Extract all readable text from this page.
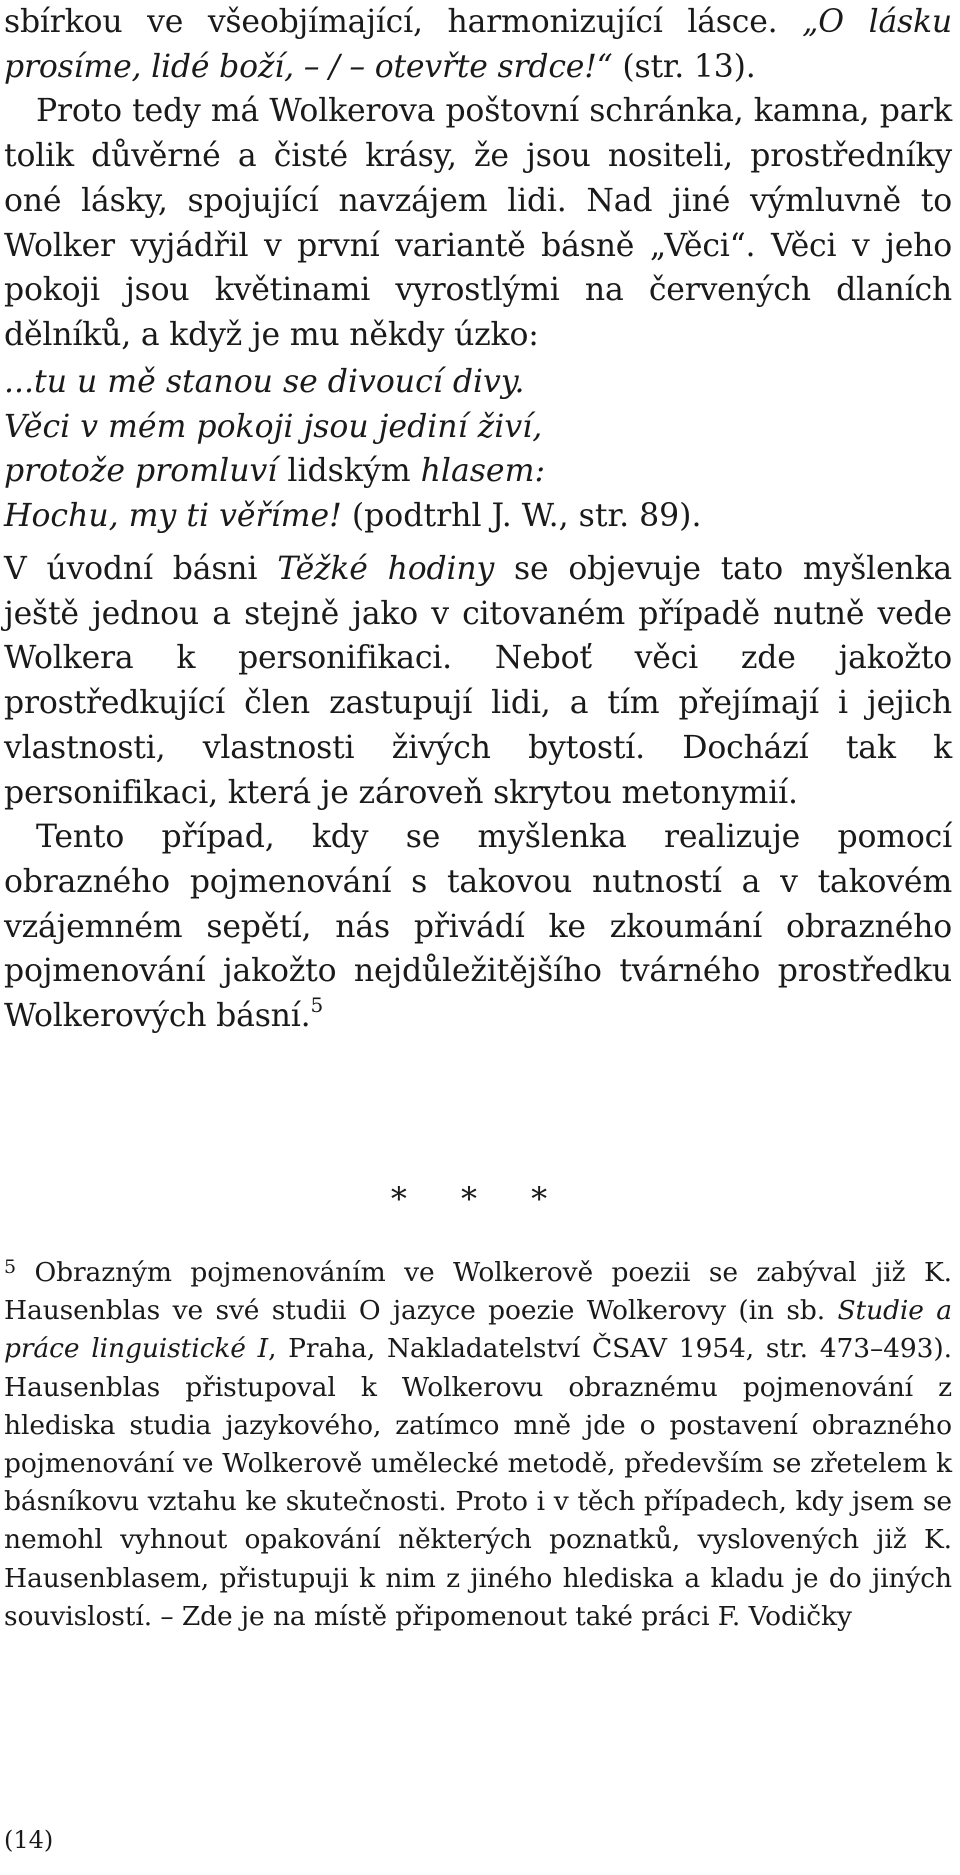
sbírkou ve všeobjímající, harmonizující lásce. „O lásku prosíme, lidé boží, – / – otevřte srdce!“ (str. 13).

Proto tedy má Wolkerova poštovní schránka, kamna, park tolik důvěrné a čisté krásy, že jsou nositeli, prostředníky oné lásky, spojující navzájem lidi. Nad jiné výmluvně to Wolker vyjádřil v první variantě básně „Věci“. Věci v jeho pokoji jsou květinami vyrostlými na červených dlaních dělníků, a když je mu někdy úzko:

...tu u mě stanou se divoucí divy.
Věci v mém pokoji jsou jediní živí,
protože promluví lidským hlasem:
Hochu, my ti věříme! (podtrhl J. W., str. 89).

V úvodní básni Těžké hodiny se objevuje tato myšlenka ještě jednou a stejně jako v citovaném případě nutně vede Wolkera k personifikaci. Neboť věci zde jakožto prostředkující člen zastupují lidi, a tím přejímají i jejich vlastnosti, vlastnosti živých bytostí. Dochází tak k personifikaci, která je zároveň skrytou metonymií.

Tento případ, kdy se myšlenka realizuje pomocí obrazného pojmenování s takovou nutností a v takovém vzájemném sepětí, nás přivádí ke zkoumání obrazného pojmenování jakožto nejdůležitějšího tvárného prostředku Wolkerových básní.$^5$

* * *
$^5$ Obrazným pojmenováním ve Wolkerově poezii se zabýval již K. Hausenblas ve své studii O jazyce poezie Wolkerovy (in sb. Studie a práce linguistické I, Praha, Nakladatelství ČSAV 1954, str. 473–493). Hausenblas přistupoval k Wolkerovu obraznému pojmenování z hlediska studia jazykového, zatímco mně jde o postavení obrazného pojmenování ve Wolkerově umělecké metodě, především se zřetelem k básníkovu vztahu ke skutečnosti. Proto i v těch případech, kdy jsem se nemohl vyhnout opakování některých poznatků, vyslovených již K. Hausenblasem, přistupuji k nim z jiného hlediska a kladu je do jiných souvislostí. – Zde je na místě připomenout také práci F. Vodičky
(14)
